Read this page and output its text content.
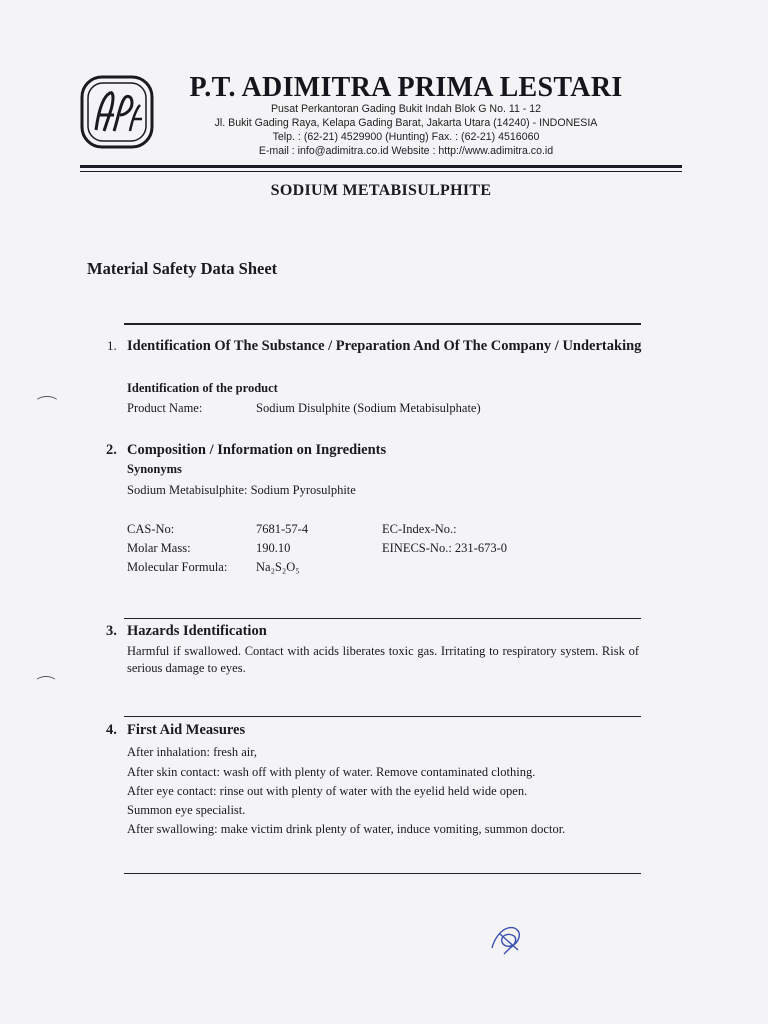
P.T. ADIMITRA PRIMA LESTARI
Pusat Perkantoran Gading Bukit Indah Blok G No. 11 - 12
Jl. Bukit Gading Raya, Kelapa Gading Barat, Jakarta Utara (14240) - INDONESIA
Telp. : (62-21) 4529900 (Hunting) Fax. : (62-21) 4516060
E-mail : info@adimitra.co.id Website : http://www.adimitra.co.id
SODIUM METABISULPHITE
Material Safety Data Sheet
1. Identification Of The Substance / Preparation And Of The Company / Undertaking
Identification of the product
Product Name:	Sodium Disulphite (Sodium Metabisulphate)
2. Composition / Information on Ingredients
Synonyms
Sodium Metabisulphite: Sodium Pyrosulphite
CAS-No:	7681-57-4	EC-Index-No.:
Molar Mass:	190.10	EINECS-No.: 231-673-0
Molecular Formula:	Na₂S₂O₅
3. Hazards Identification
Harmful if swallowed. Contact with acids liberates toxic gas. Irritating to respiratory system. Risk of serious damage to eyes.
4. First Aid Measures
After inhalation: fresh air,
After skin contact: wash off with plenty of water. Remove contaminated clothing.
After eye contact: rinse out with plenty of water with the eyelid held wide open.
Summon eye specialist.
After swallowing: make victim drink plenty of water, induce vomiting, summon doctor.
